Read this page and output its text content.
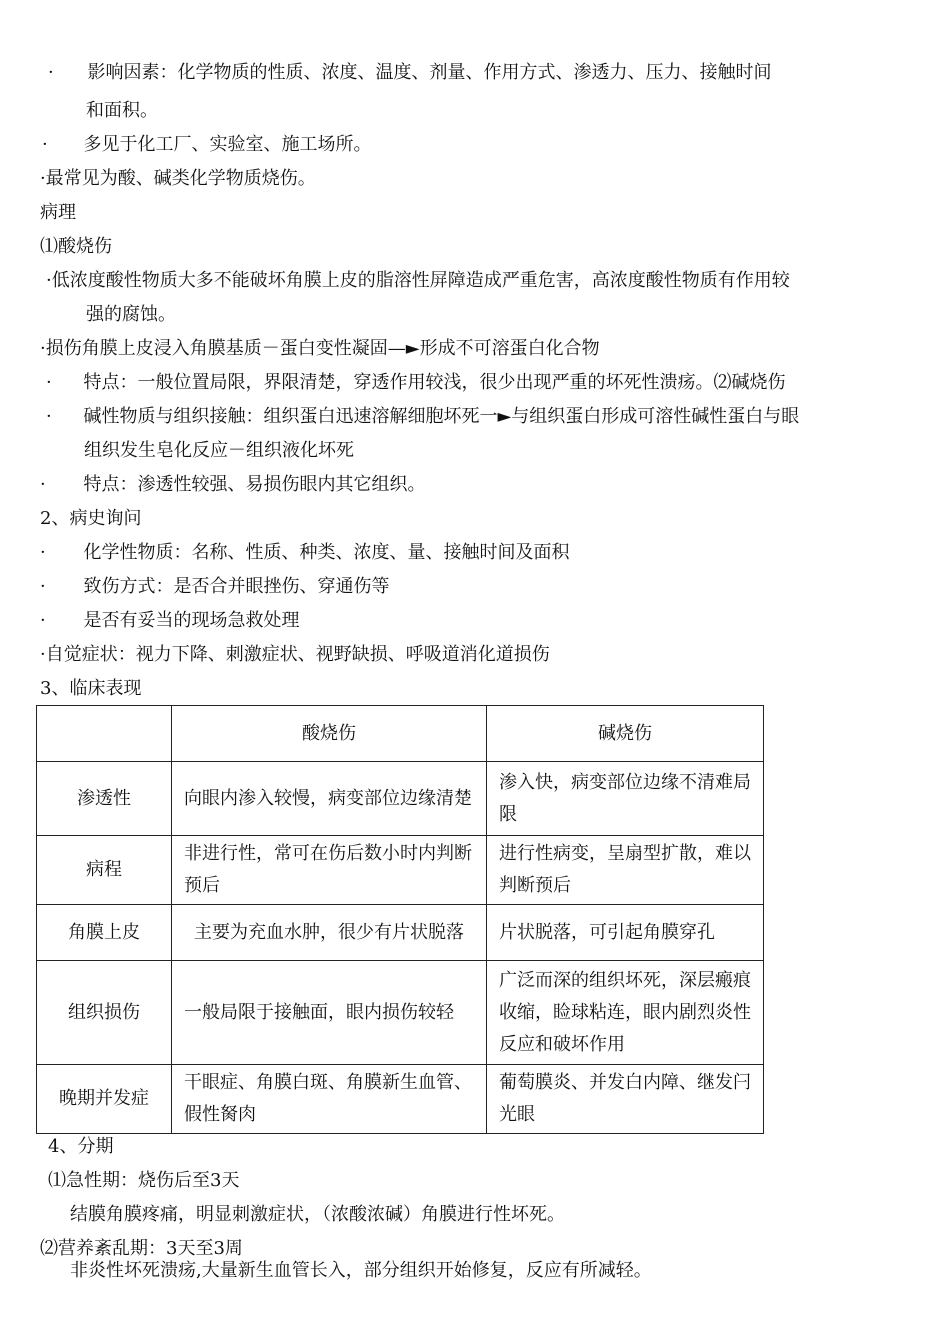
· 影响因素：化学物质的性质、浓度、温度、剂量、作用方式、渗透力、压力、接触时间
和面积。
· 多见于化工厂、实验室、施工场所。
·最常见为酸、碱类化学物质烧伤。
病理
⑴酸烧伤
·低浓度酸性物质大多不能破坏角膜上皮的脂溶性屏障造成严重危害，高浓度酸性物质有作用较
强的腐蚀。
·损伤角膜上皮浸入角膜基质－蛋白变性凝固—►形成不可溶蛋白化合物
· 特点：一般位置局限，界限清楚，穿透作用较浅，很少出现严重的坏死性溃疡。⑵碱烧伤
· 碱性物质与组织接触：组织蛋白迅速溶解细胞坏死一►与组织蛋白形成可溶性碱性蛋白与眼
组织发生皂化反应－组织液化坏死
· 特点：渗透性较强、易损伤眼内其它组织。
2、病史询问
· 化学性物质：名称、性质、种类、浓度、量、接触时间及面积
· 致伤方式：是否合并眼挫伤、穿通伤等
· 是否有妥当的现场急救处理
·自觉症状：视力下降、刺激症状、视野缺损、呼吸道消化道损伤
3、临床表现
	酸烧伤	碱烧伤
渗透性	向眼内渗入较慢，病变部位边缘清楚	渗入快，病变部位边缘不清难局限
病程	非进行性，常可在伤后数小时内判断预后	进行性病变，呈扇型扩散，难以判断预后
角膜上皮	主要为充血水肿，很少有片状脱落	片状脱落，可引起角膜穿孔
组织损伤	一般局限于接触面，眼内损伤较轻	广泛而深的组织坏死，深层瘢痕收缩，睑球粘连，眼内剧烈炎性反应和破坏作用
晚期并发症	干眼症、角膜白斑、角膜新生血管、假性胬肉	葡萄膜炎、并发白内障、继发闩光眼
4、分期
⑴急性期：烧伤后至3天
结膜角膜疼痛，明显刺激症状，（浓酸浓碱）角膜进行性坏死。
⑵营养紊乱期：3天至3周
非炎性坏死溃疡,大量新生血管长入，部分组织开始修复，反应有所减轻。
